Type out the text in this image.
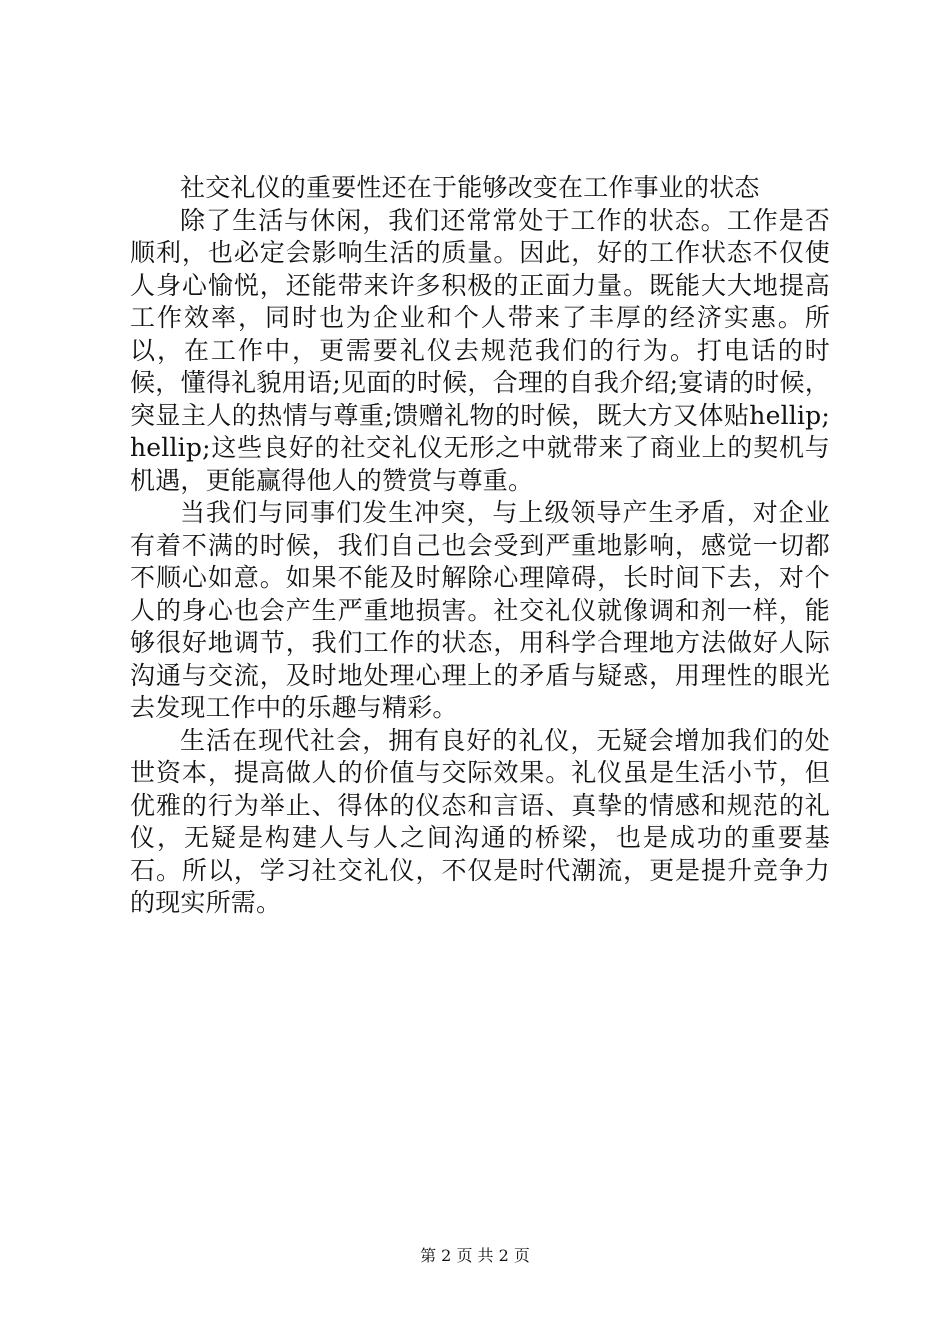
社交礼仪的重要性还在于能够改变在工作事业的状态

除了生活与休闲，我们还常常处于工作的状态。工作是否顺利，也必定会影响生活的质量。因此，好的工作状态不仅使人身心愉悦，还能带来许多积极的正面力量。既能大大地提高工作效率，同时也为企业和个人带来了丰厚的经济实惠。所以，在工作中，更需要礼仪去规范我们的行为。打电话的时候，懂得礼貌用语;见面的时候，合理的自我介绍;宴请的时候，突显主人的热情与尊重;馈赠礼物的时候，既大方又体贴hellip;hellip;这些良好的社交礼仪无形之中就带来了商业上的契机与机遇，更能赢得他人的赞赏与尊重。

当我们与同事们发生冲突，与上级领导产生矛盾，对企业有着不满的时候，我们自己也会受到严重地影响，感觉一切都不顺心如意。如果不能及时解除心理障碍，长时间下去，对个人的身心也会产生严重地损害。社交礼仪就像调和剂一样，能够很好地调节，我们工作的状态，用科学合理地方法做好人际沟通与交流，及时地处理心理上的矛盾与疑惑，用理性的眼光去发现工作中的乐趣与精彩。

生活在现代社会，拥有良好的礼仪，无疑会增加我们的处世资本，提高做人的价值与交际效果。礼仪虽是生活小节，但优雅的行为举止、得体的仪态和言语、真挚的情感和规范的礼仪，无疑是构建人与人之间沟通的桥梁，也是成功的重要基石。所以，学习社交礼仪，不仅是时代潮流，更是提升竞争力的现实所需。

第 2 页 共 2 页
